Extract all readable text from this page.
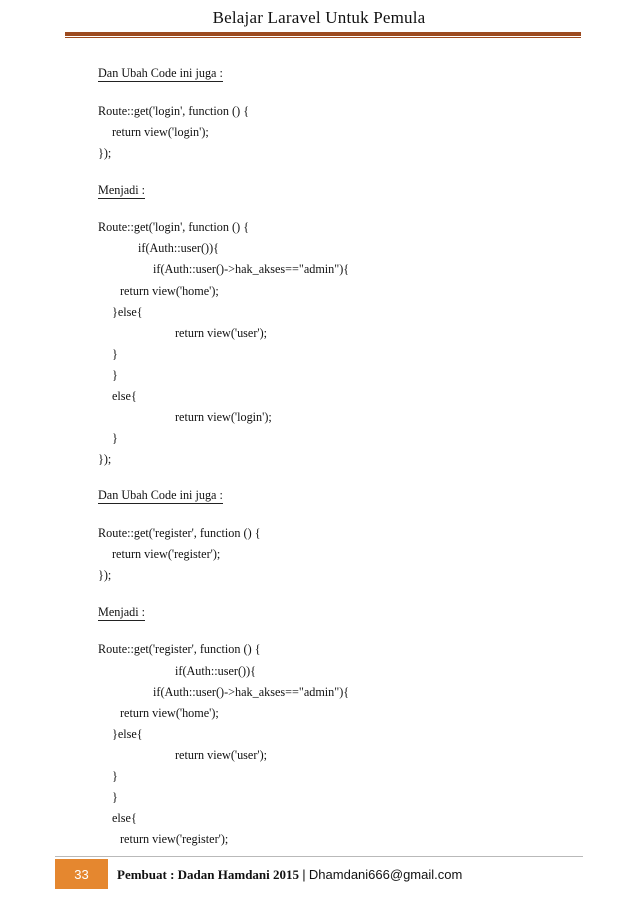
Belajar Laravel Untuk Pemula
Dan Ubah Code ini juga :
Route::get('login', function () {
return view('login');
});
Menjadi :
Route::get('login', function () {
if(Auth::user()){
if(Auth::user()->hak_akses=="admin"){
return view('home');
}else{
return view('user');
}
}
else{
return view('login');
}
});
Dan Ubah Code ini juga :
Route::get('register', function () {
return view('register');
});
Menjadi :
Route::get('register', function () {
if(Auth::user()){
if(Auth::user()->hak_akses=="admin"){
return view('home');
}else{
return view('user');
}
}
else{
return view('register');
33	Pembuat : Dadan Hamdani 2015 | Dhamdani666@gmail.com
